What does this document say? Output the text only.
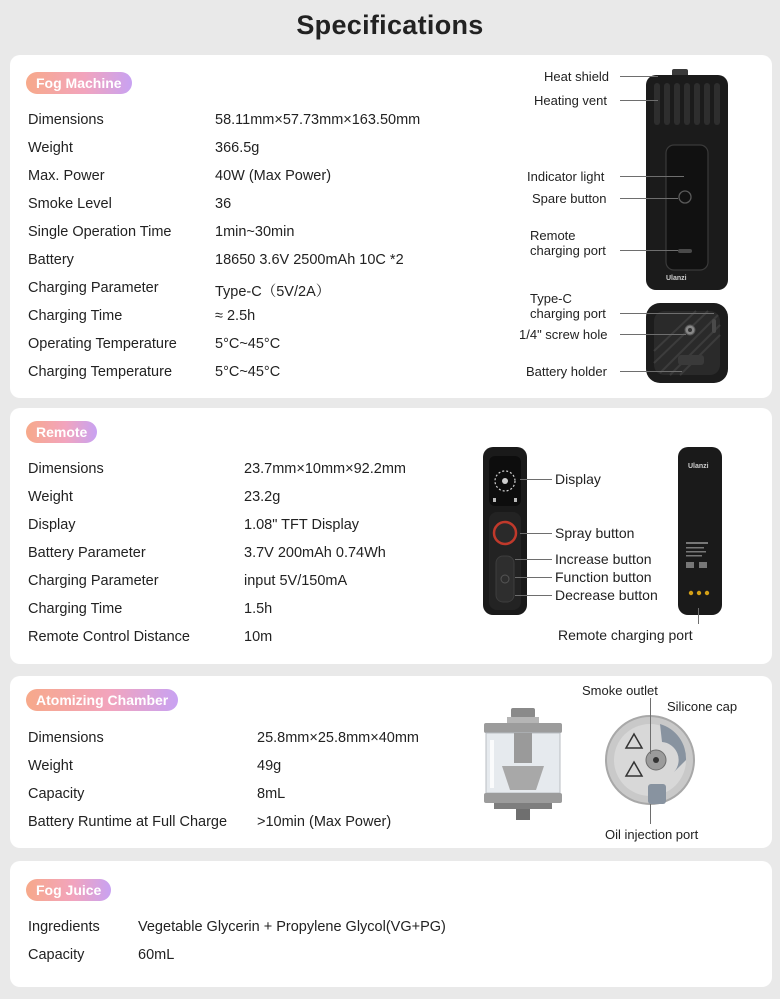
Specifications
Fog Machine
Dimensions	58.11mm×57.73mm×163.50mm
Weight	366.5g
Max. Power	40W (Max Power)
Smoke Level	36
Single Operation Time	1min~30min
Battery	18650 3.6V 2500mAh 10C *2
Charging Parameter	Type-C（5V/2A）
Charging Time	≈ 2.5h
Operating Temperature	5°C~45°C
Charging Temperature	5°C~45°C
Ulanzi
Heat shield
Heating vent
Indicator light
Spare button
Remote
charging port
Type-C
charging port
1/4" screw hole
Battery holder
Remote
Dimensions	23.7mm×10mm×92.2mm
Weight	23.2g
Display	1.08" TFT Display
Battery Parameter	3.7V 200mAh 0.74Wh
Charging Parameter	input 5V/150mA
Charging Time	1.5h
Remote Control Distance	10m
Ulanzi
Display
Spray button
Increase button
Function button
Decrease button
Remote charging port
Atomizing Chamber
Dimensions	25.8mm×25.8mm×40mm
Weight	49g
Capacity	8mL
Battery Runtime at Full Charge >10min (Max Power)
Smoke outlet
Silicone cap
Oil injection port
Fog Juice
Ingredients	Vegetable Glycerin + Propylene Glycol(VG+PG)
Capacity	60mL
